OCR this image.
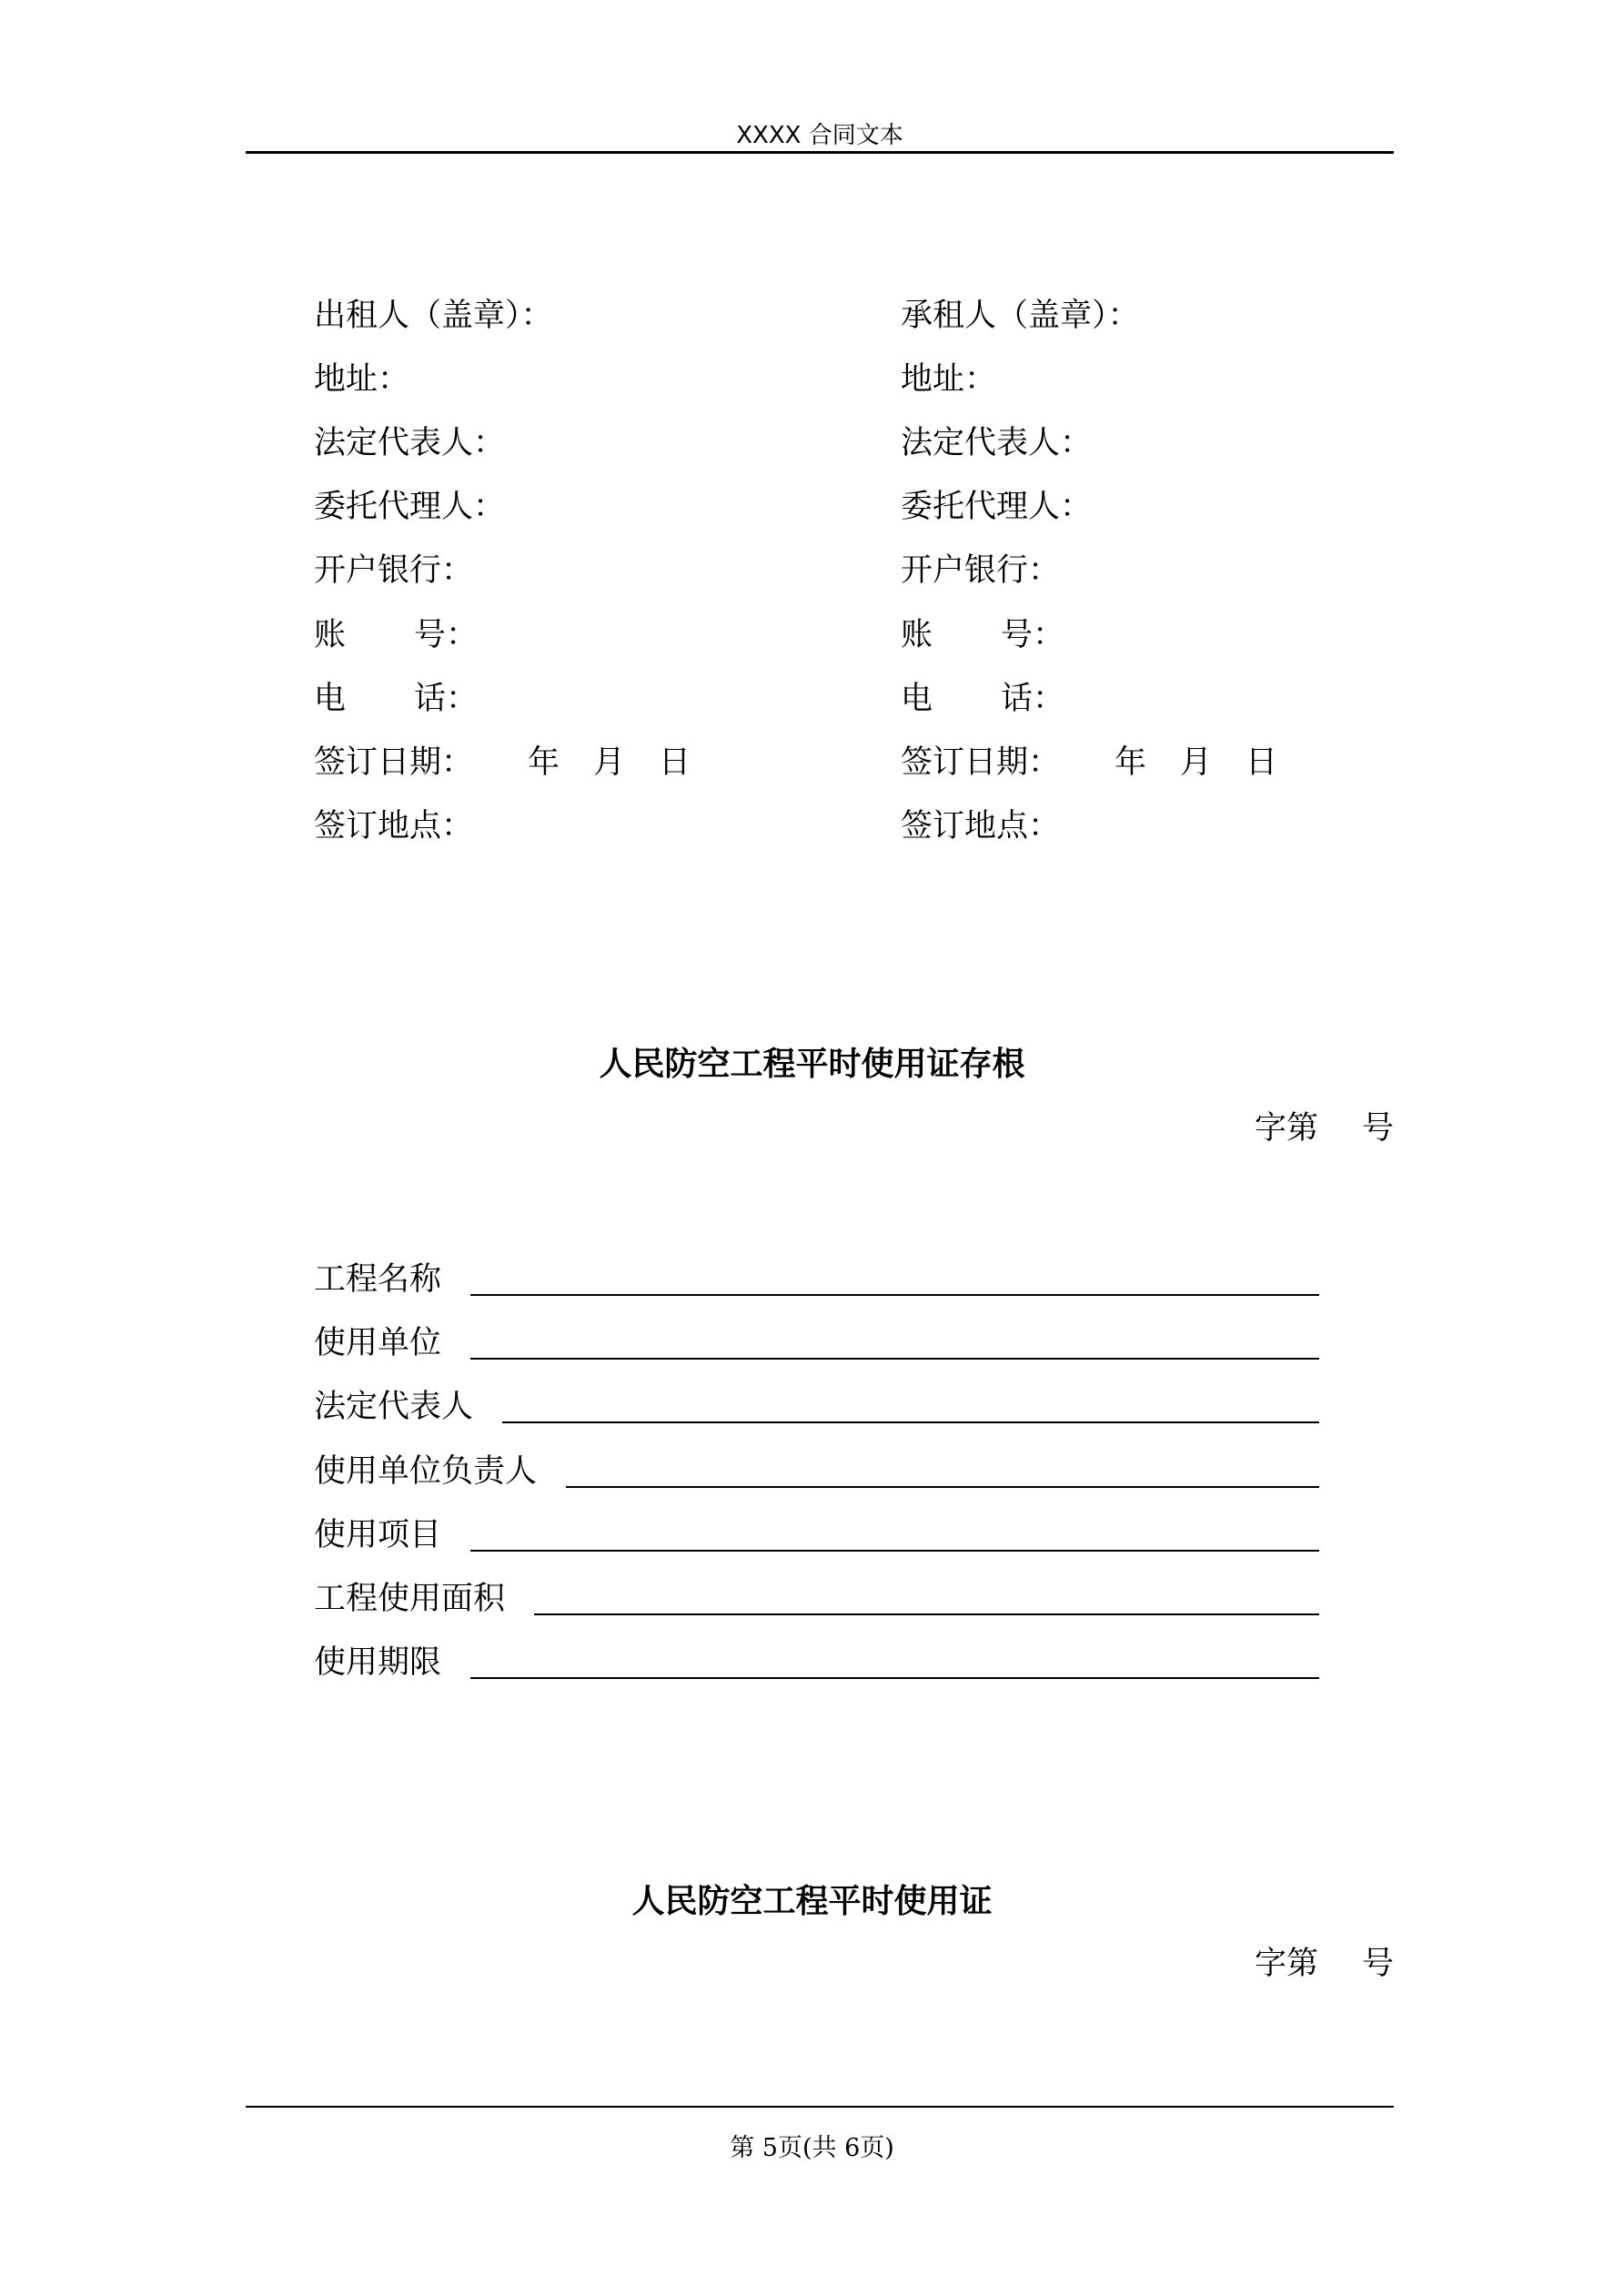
XXXX 合同文本
出租人（盖章）：
地址：
法定代表人：
委托代理人：
开户银行：
账 号：
电 话：
签订日期： 年 月 日
签订地点：
承租人（盖章）：
地址：
法定代表人：
委托代理人：
开户银行：
账 号：
电 话：
签订日期： 年 月 日
签订地点：
人民防空工程平时使用证存根
字第 号
工程名称
使用单位
法定代表人
使用单位负责人
使用项目
工程使用面积
使用期限
人民防空工程平时使用证
字第 号
第 5页(共 6页)
